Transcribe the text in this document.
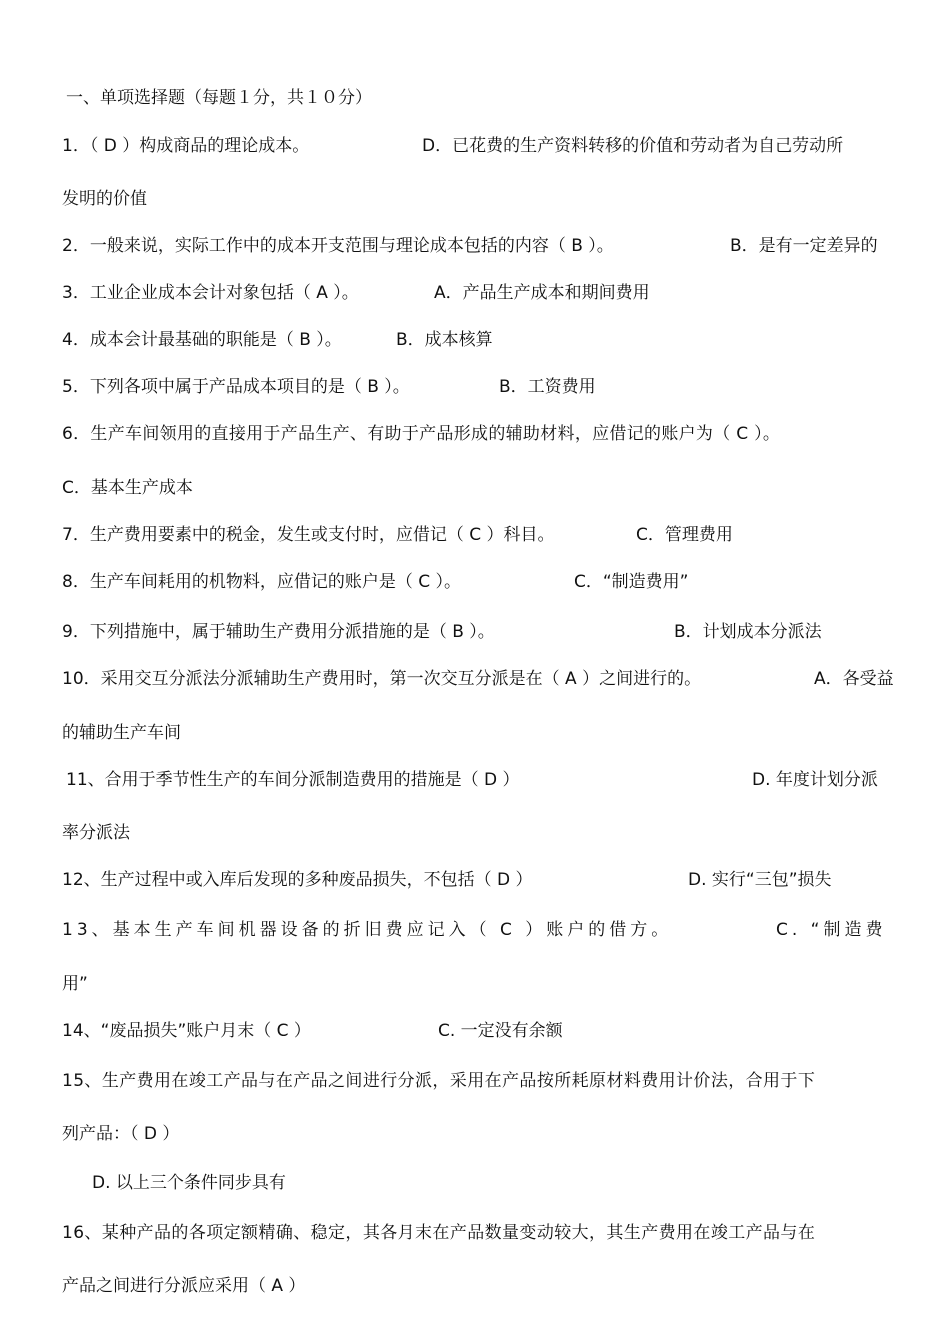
一、单项选择题（每题１分，共１０分）
1．（ D ）构成商品的理论成本。	D．已花费的生产资料转移的价值和劳动者为自己劳动所
发明的价值
2．一般来说，实际工作中的成本开支范围与理论成本包括的内容（ B ）。	B．是有一定差异的
3．工业企业成本会计对象包括（ A ）。	A．产品生产成本和期间费用
4．成本会计最基础的职能是（ B ）。	B．成本核算
5．下列各项中属于产品成本项目的是（ B ）。	B．工资费用
6．生产车间领用的直接用于产品生产、有助于产品形成的辅助材料，应借记的账户为（ C ）。
C．基本生产成本
7．生产费用要素中的税金，发生或支付时，应借记（ C ）科目。	C．管理费用
8．生产车间耗用的机物料，应借记的账户是（ C ）。	C．“制造费用”
9．下列措施中，属于辅助生产费用分派措施的是（ B ）。	B．计划成本分派法
10．采用交互分派法分派辅助生产费用时，第一次交互分派是在（ A ）之间进行的。	A．各受益
的辅助生产车间
11、合用于季节性生产的车间分派制造费用的措施是（ D ）	D. 年度计划分派
率分派法
12、生产过程中或入库后发现的多种废品损失，不包括（ D ）	D. 实行“三包”损失
13、基本生产车间机器设备的折旧费应记入（ C ）账户的借方。	C. “制造费
用”
14、“废品损失”账户月末（ C ）	C. 一定没有余额
15、生产费用在竣工产品与在产品之间进行分派，采用在产品按所耗原材料费用计价法，合用于下
列产品：（ D ）
D. 以上三个条件同步具有
16、某种产品的各项定额精确、稳定，其各月末在产品数量变动较大，其生产费用在竣工产品与在
产品之间进行分派应采用（ A ）
